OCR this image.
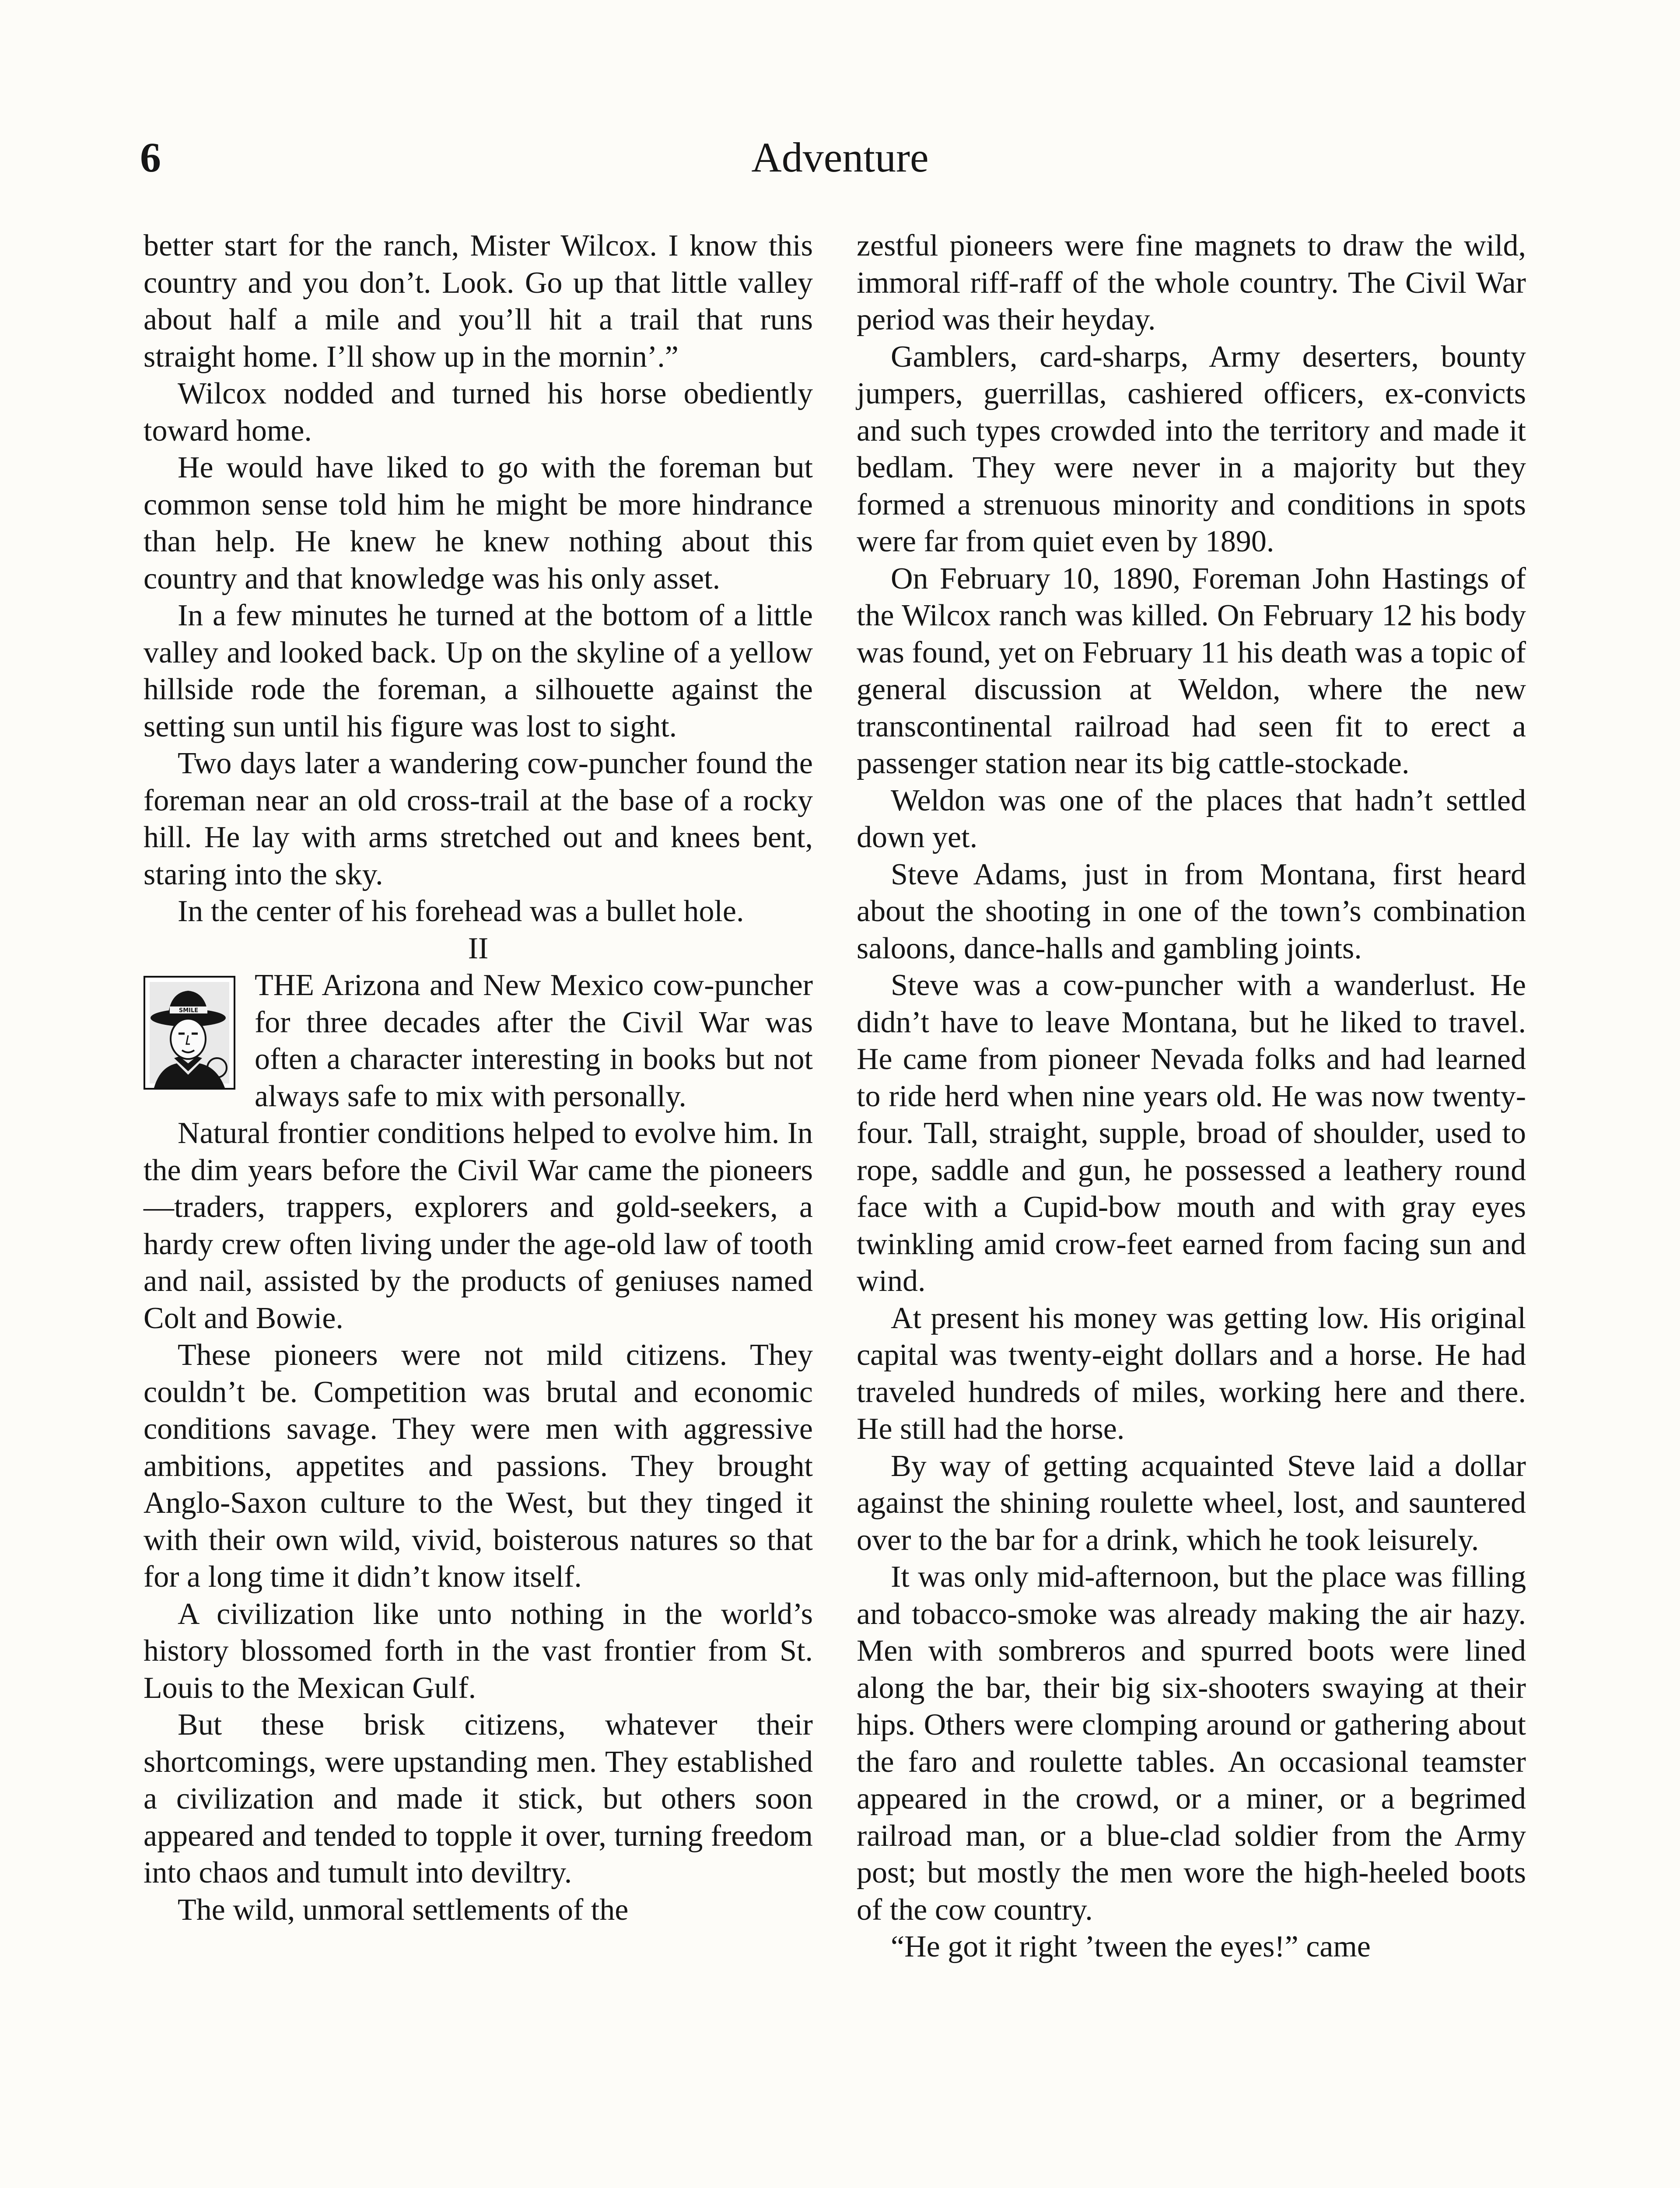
6	Adventure

better start for the ranch, Mister Wilcox. I know this country and you don’t. Look. Go up that little valley about half a mile and you’ll hit a trail that runs straight home. I’ll show up in the mornin’.”

Wilcox nodded and turned his horse obediently toward home.

He would have liked to go with the foreman but common sense told him he might be more hindrance than help. He knew he knew nothing about this country and that knowledge was his only asset.

In a few minutes he turned at the bottom of a little valley and looked back. Up on the skyline of a yellow hillside rode the foreman, a silhouette against the setting sun until his figure was lost to sight.

Two days later a wandering cow-puncher found the foreman near an old cross-trail at the base of a rocky hill. He lay with arms stretched out and knees bent, staring into the sky.

In the center of his forehead was a bullet hole.

II

SMILE

THE Arizona and New Mexico cow-puncher for three decades after the Civil War was often a character interesting in books but not always safe to mix with personally.

Natural frontier conditions helped to evolve him. In the dim years before the Civil War came the pioneers—traders, trappers, explorers and gold-seekers, a hardy crew often living under the age-old law of tooth and nail, assisted by the products of geniuses named Colt and Bowie.

These pioneers were not mild citizens. They couldn’t be. Competition was brutal and economic conditions savage. They were men with aggressive ambitions, appetites and passions. They brought Anglo-Saxon culture to the West, but they tinged it with their own wild, vivid, boisterous natures so that for a long time it didn’t know itself.

A civilization like unto nothing in the world’s history blossomed forth in the vast frontier from St. Louis to the Mexican Gulf.

But these brisk citizens, whatever their shortcomings, were upstanding men. They established a civilization and made it stick, but others soon appeared and tended to topple it over, turning freedom into chaos and tumult into deviltry.

The wild, unmoral settlements of the

zestful pioneers were fine magnets to draw the wild, immoral riff-raff of the whole country. The Civil War period was their heyday.

Gamblers, card-sharps, Army deserters, bounty jumpers, guerrillas, cashiered officers, ex-convicts and such types crowded into the territory and made it bedlam. They were never in a majority but they formed a strenuous minority and conditions in spots were far from quiet even by 1890.

On February 10, 1890, Foreman John Hastings of the Wilcox ranch was killed. On February 12 his body was found, yet on February 11 his death was a topic of general discussion at Weldon, where the new transcontinental railroad had seen fit to erect a passenger station near its big cattle-stockade.

Weldon was one of the places that hadn’t settled down yet.

Steve Adams, just in from Montana, first heard about the shooting in one of the town’s combination saloons, dance-halls and gambling joints.

Steve was a cow-puncher with a wanderlust. He didn’t have to leave Montana, but he liked to travel. He came from pioneer Nevada folks and had learned to ride herd when nine years old. He was now twenty-four. Tall, straight, supple, broad of shoulder, used to rope, saddle and gun, he possessed a leathery round face with a Cupid-bow mouth and with gray eyes twinkling amid crow-feet earned from facing sun and wind.

At present his money was getting low. His original capital was twenty-eight dollars and a horse. He had traveled hundreds of miles, working here and there. He still had the horse.

By way of getting acquainted Steve laid a dollar against the shining roulette wheel, lost, and sauntered over to the bar for a drink, which he took leisurely.

It was only mid-afternoon, but the place was filling and tobacco-smoke was already making the air hazy. Men with sombreros and spurred boots were lined along the bar, their big six-shooters swaying at their hips. Others were clomping around or gathering about the faro and roulette tables. An occasional teamster appeared in the crowd, or a miner, or a begrimed railroad man, or a blue-clad soldier from the Army post; but mostly the men wore the high-heeled boots of the cow country.

“He got it right ’tween the eyes!” came
